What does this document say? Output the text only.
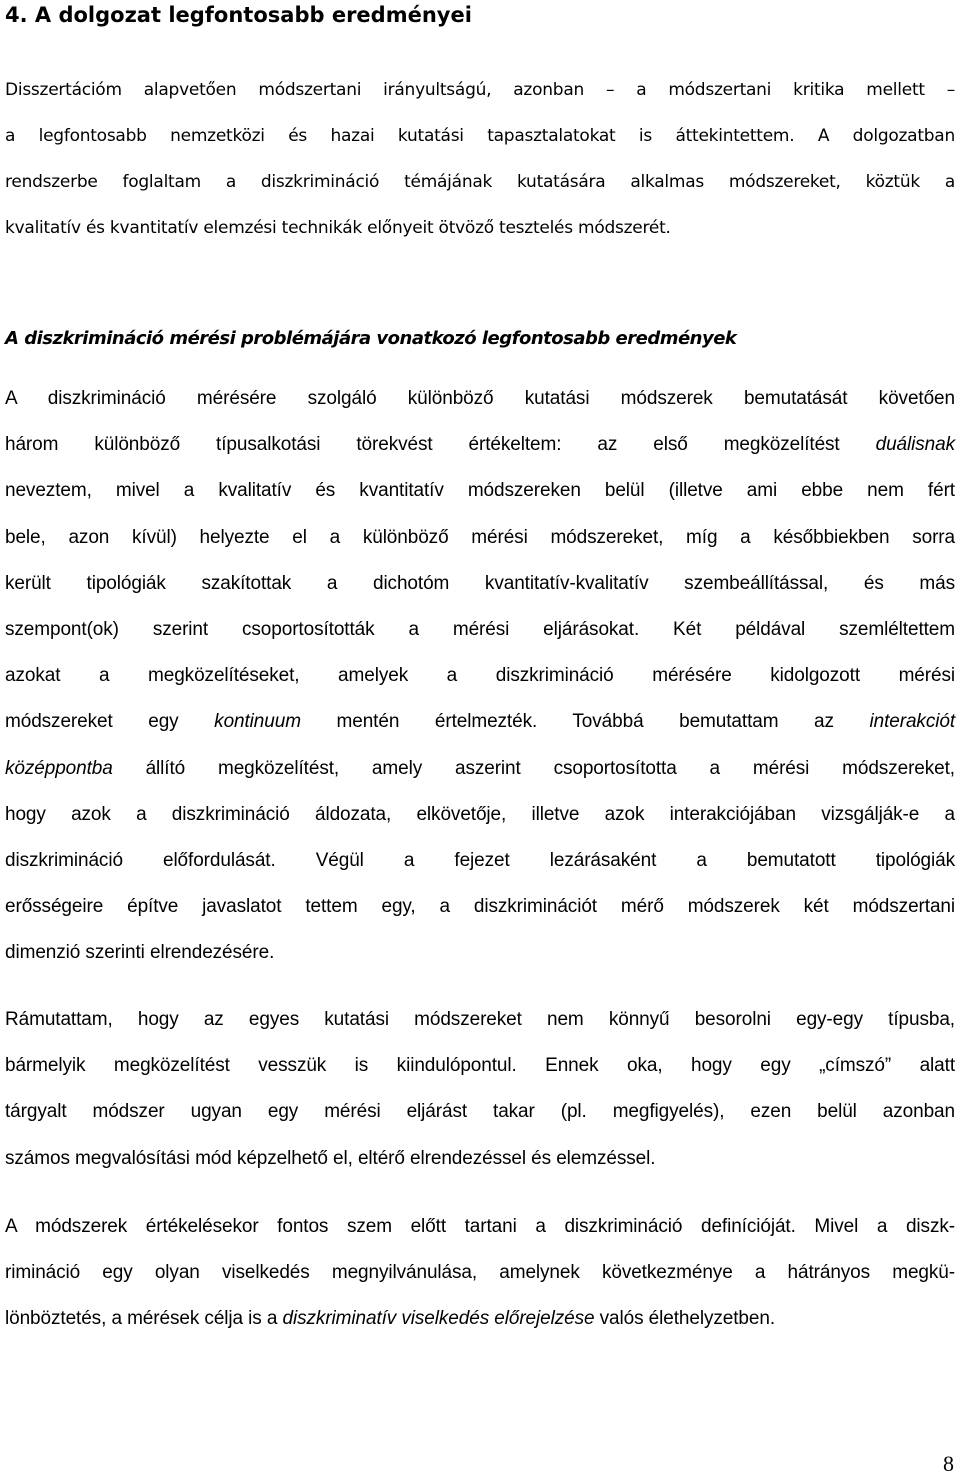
4. A dolgozat legfontosabb eredményei
Disszertációm alapvetően módszertani irányultságú, azonban – a módszertani kritika mellett –
a legfontosabb nemzetközi és hazai kutatási tapasztalatokat is áttekintettem. A dolgozatban
rendszerbe foglaltam a diszkrimináció témájának kutatására alkalmas módszereket, köztük a
kvalitatív és kvantitatív elemzési technikák előnyeit ötvöző tesztelés módszerét.
A diszkrimináció mérési problémájára vonatkozó legfontosabb eredmények
A diszkrimináció mérésére szolgáló különböző kutatási módszerek bemutatását követően
három különböző típusalkotási törekvést értékeltem: az első megközelítést duálisnak
neveztem, mivel a kvalitatív és kvantitatív módszereken belül (illetve ami ebbe nem fért
bele, azon kívül) helyezte el a különböző mérési módszereket, míg a későbbiekben sorra
került tipológiák szakítottak a dichotóm kvantitatív-kvalitatív szembeállítással, és más
szempont(ok) szerint csoportosították a mérési eljárásokat. Két példával szemléltettem
azokat a megközelítéseket, amelyek a diszkrimináció mérésére kidolgozott mérési
módszereket egy kontinuum mentén értelmezték. Továbbá bemutattam az interakciót
középpontba állító megközelítést, amely aszerint csoportosította a mérési módszereket,
hogy azok a diszkrimináció áldozata, elkövetője, illetve azok interakciójában vizsgálják-e a
diszkrimináció előfordulását. Végül a fejezet lezárásaként a bemutatott tipológiák
erősségeire építve javaslatot tettem egy, a diszkriminációt mérő módszerek két módszertani
dimenzió szerinti elrendezésére.
Rámutattam, hogy az egyes kutatási módszereket nem könnyű besorolni egy-egy típusba,
bármelyik megközelítést vesszük is kiindulópontul. Ennek oka, hogy egy „címszó” alatt
tárgyalt módszer ugyan egy mérési eljárást takar (pl. megfigyelés), ezen belül azonban
számos megvalósítási mód képzelhető el, eltérő elrendezéssel és elemzéssel.
A módszerek értékelésekor fontos szem előtt tartani a diszkrimináció definícióját. Mivel a diszk-
rimináció egy olyan viselkedés megnyilvánulása, amelynek következménye a hátrányos megkü-
lönböztetés, a mérések célja is a diszkriminatív viselkedés előrejelzése valós élethelyzetben.
8
